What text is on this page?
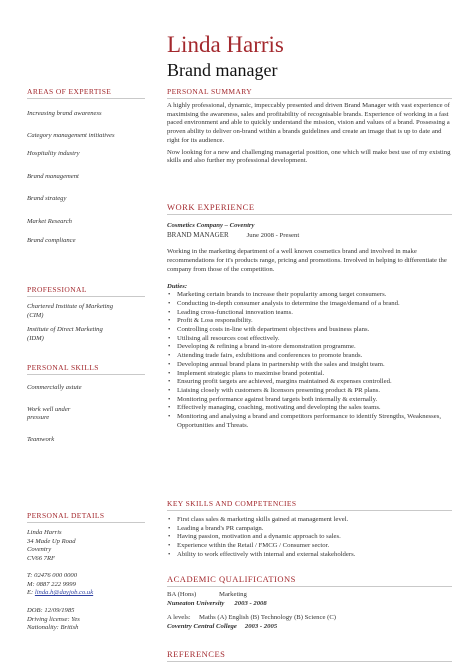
Linda Harris
Brand manager
AREAS OF EXPERTISE

Increasing brand awareness

Category management initiatives

Hospitality industry

Brand management

Brand strategy

Market Research

Brand compliance

PROFESSIONAL

Chartered Institute of Marketing (CIM)

Institute of Direct Marketing (IDM)

PERSONAL SKILLS

Commercially astute

Work well under pressure

Teamwork

PERSONAL DETAILS

Linda Harris

34 Made Up Road

Coventry

CV66 7RF

T: 02476 000 0000

M: 0887 222 9999

E: linda.h@dayjob.co.uk

DOB: 12/09/1985

Driving license: Yes

Nationality: British

PERSONAL SUMMARY

A highly professional, dynamic, impeccably presented and driven Brand Manager with vast experience of maximising the awareness, sales and profitability of recognisable brands. Experience of working in a fast paced environment and able to quickly understand the mission, vision and values of a brand. Possessing a proven ability to deliver on-brand within a brands guidelines and create an image that is up to date and right for its audience.

Now looking for a new and challenging managerial position, one which will make best use of my existing skills and also further my professional development.

WORK EXPERIENCE

Cosmetics Company – Coventry

BRAND MANAGER	June 2008 - Present

Working in the marketing department of a well known cosmetics brand and involved in make recommendations for it's products range, pricing and promotions. Involved in helping to differentiate the company from those of the competition.

Duties:

• Marketing certain brands to increase their popularity among target consumers.
• Conducting in-depth consumer analysis to determine the image/demand of a brand.
• Leading cross-functional innovation teams.
• Profit & Loss responsibility.
• Controlling costs in-line with department objectives and business plans.
• Utilising all resources cost effectively.
• Developing & refining a brand in-store demonstration programme.
• Attending trade fairs, exhibitions and conferences to promote brands.
• Developing annual brand plans in partnership with the sales and insight team.
• Implement strategic plans to maximise brand potential.
• Ensuring profit targets are achieved, margins maintained & expenses controlled.
• Liaising closely with customers & licensors presenting product & PR plans.
• Monitoring performance against brand targets both internally & externally.
• Effectively managing, coaching, motivating and developing the sales teams.
• Monitoring and analysing a brand and competitors performance to identify Strengths, Weaknesses, Opportunities and Threats.
KEY SKILLS AND COMPETENCIES
• First class sales & marketing skills gained at management level.
• Leading a brand's PR campaign.
• Having passion, motivation and a dynamic approach to sales.
• Experience within the Retail / FMCG / Consumer sector.
• Ability to work effectively with internal and external stakeholders.
ACADEMIC QUALIFICATIONS

BA (Hons)	Marketing

Nuneaton University 2003 - 2008

A levels: Maths (A) English (B) Technology (B) Science (C)

Coventry Central College 2003 - 2005

REFERENCES
